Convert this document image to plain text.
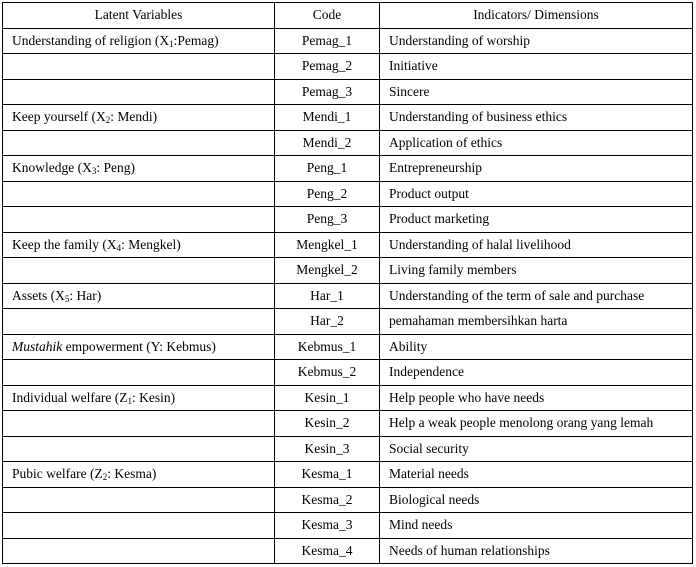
Latent Variables	Code	Indicators/ Dimensions
Understanding of religion $(X_1:Pemag)$	Pemag_1	Understanding of worship
	Pemag_2	Initiative
	Pemag_3	Sincere
Keep yourself ($X_2$: Mendi)	Mendi_1	Understanding of business ethics
	Mendi_2	Application of ethics
Knowledge ($X_3$: Peng)	Peng_1	Entrepreneurship
	Peng_2	Product output
	Peng_3	Product marketing
Keep the family ($X_4$: Mengkel)	Mengkel_1	Understanding of halal livelihood
	Mengkel_2	Living family members
Assets ($X_5$: Har)	Har_1	Understanding of the term of sale and purchase
	Har_2	pemahaman membersihkan harta
Mustahik empowerment (Y: Kebmus)	Kebmus_1	Ability
	Kebmus_2	Independence
Individual welfare ($Z_1$: Kesin)	Kesin_1	Help people who have needs
	Kesin_2	Help a weak people menolong orang yang lemah
	Kesin_3	Social security
Pubic welfare ($Z_2$: Kesma)	Kesma_1	Material needs
	Kesma_2	Biological needs
	Kesma_3	Mind needs
	Kesma_4	Needs of human relationships
